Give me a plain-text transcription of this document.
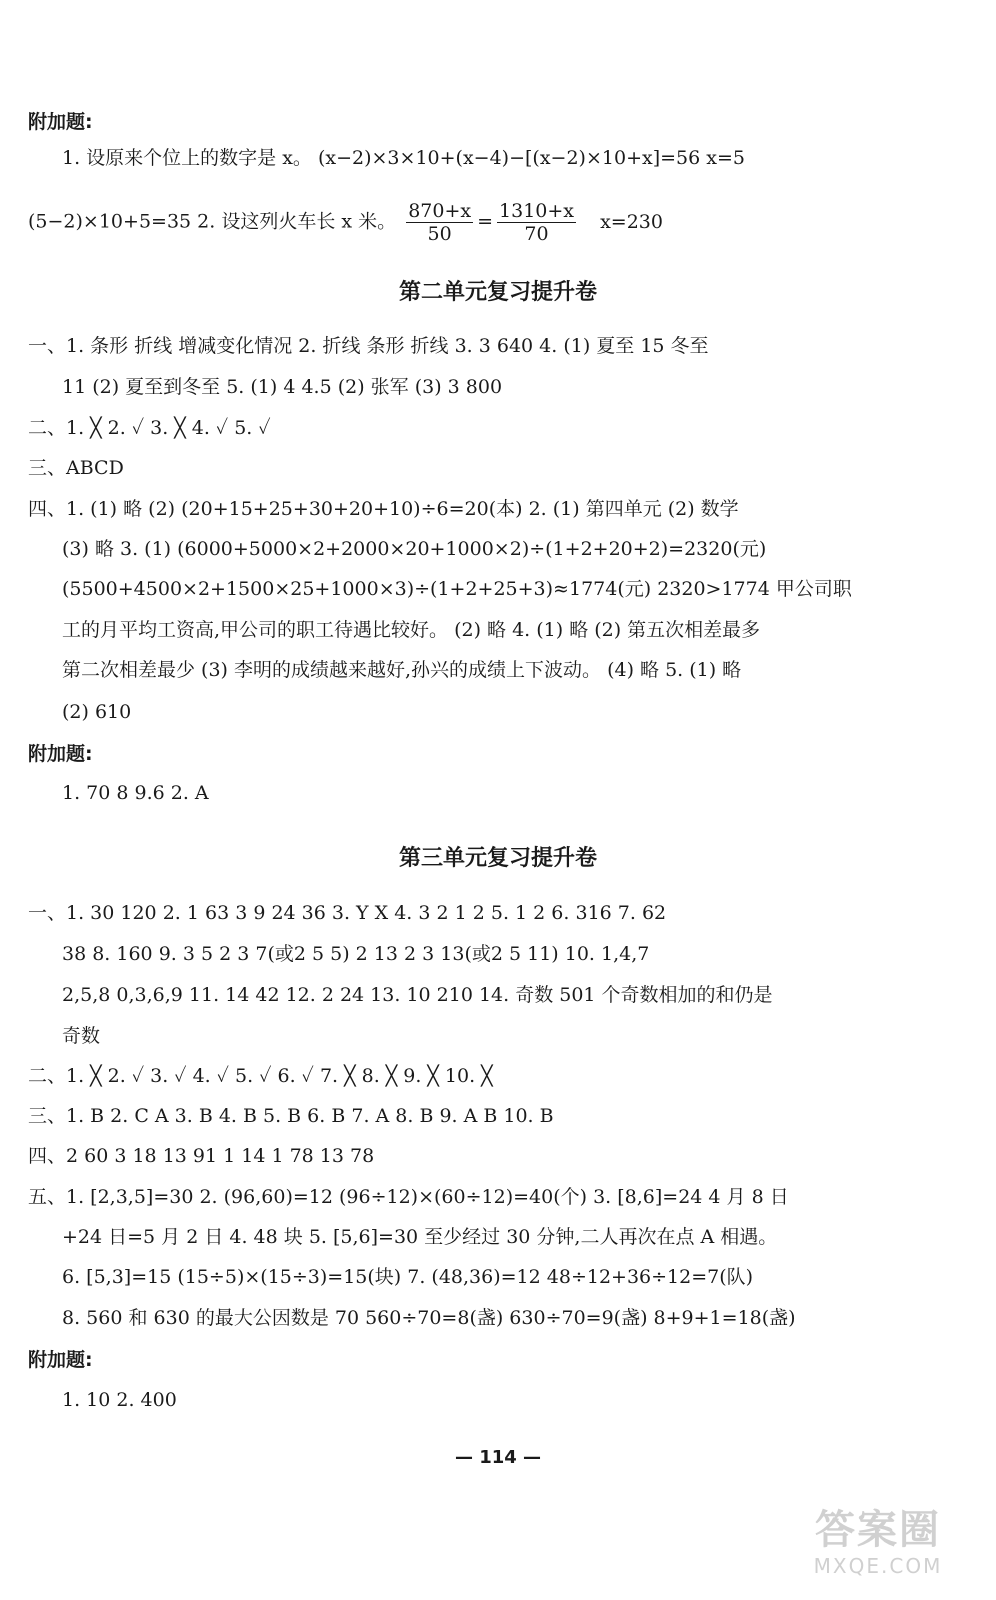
附加题:
1. 设原来个位上的数字是 x。 (x−2)×3×10+(x−4)−[(x−2)×10+x]=56 x=5
(5−2)×10+5=35 2. 设这列火车长 x 米。 $\frac{870+x}{50} = \frac{1310+x}{70} x=230$
第二单元复习提升卷
一、1. 条形 折线 增减变化情况 2. 折线 条形 折线 3. 3 640 4. (1) 夏至 15 冬至
11 (2) 夏至到冬至 5. (1) 4 4.5 (2) 张军 (3) 3 800
二、1. ╳ 2. ✓ 3. ╳ 4. ✓ 5. ✓
三、ABCD
四、1. (1) 略 (2) (20+15+25+30+20+10)÷6=20(本) 2. (1) 第四单元 (2) 数学
(3) 略 3. (1) (6000+5000×2+2000×20+1000×2)÷(1+2+20+2)=2320(元)
(5500+4500×2+1500×25+1000×3)÷(1+2+25+3)≈1774(元) 2320>1774 甲公司职
工的月平均工资高,甲公司的职工待遇比较好。 (2) 略 4. (1) 略 (2) 第五次相差最多
第二次相差最少 (3) 李明的成绩越来越好,孙兴的成绩上下波动。 (4) 略 5. (1) 略
(2) 610
附加题:
1. 70 8 9.6 2. A
第三单元复习提升卷
一、1. 30 120 2. 1 63 3 9 24 36 3. Y X 4. 3 2 1 2 5. 1 2 6. 316 7. 62
38 8. 160 9. 3 5 2 3 7(或2 5 5) 2 13 2 3 13(或2 5 11) 10. 1,4,7
2,5,8 0,3,6,9 11. 14 42 12. 2 24 13. 10 210 14. 奇数 501 个奇数相加的和仍是
奇数
二、1. ╳ 2. ✓ 3. ✓ 4. ✓ 5. ✓ 6. ✓ 7. ╳ 8. ╳ 9. ╳ 10. ╳
三、1. B 2. C A 3. B 4. B 5. B 6. B 7. A 8. B 9. A B 10. B
四、2 60 3 18 13 91 1 14 1 78 13 78
五、1. [2,3,5]=30 2. (96,60)=12 (96÷12)×(60÷12)=40(个) 3. [8,6]=24 4 月 8 日
+24 日=5 月 2 日 4. 48 块 5. [5,6]=30 至少经过 30 分钟,二人再次在点 A 相遇。
6. [5,3]=15 (15÷5)×(15÷3)=15(块) 7. (48,36)=12 48÷12+36÷12=7(队)
8. 560 和 630 的最大公因数是 70 560÷70=8(盏) 630÷70=9(盏) 8+9+1=18(盏)
附加题:
1. 10 2. 400
— 114 —
答案圈
MXQE.COM
